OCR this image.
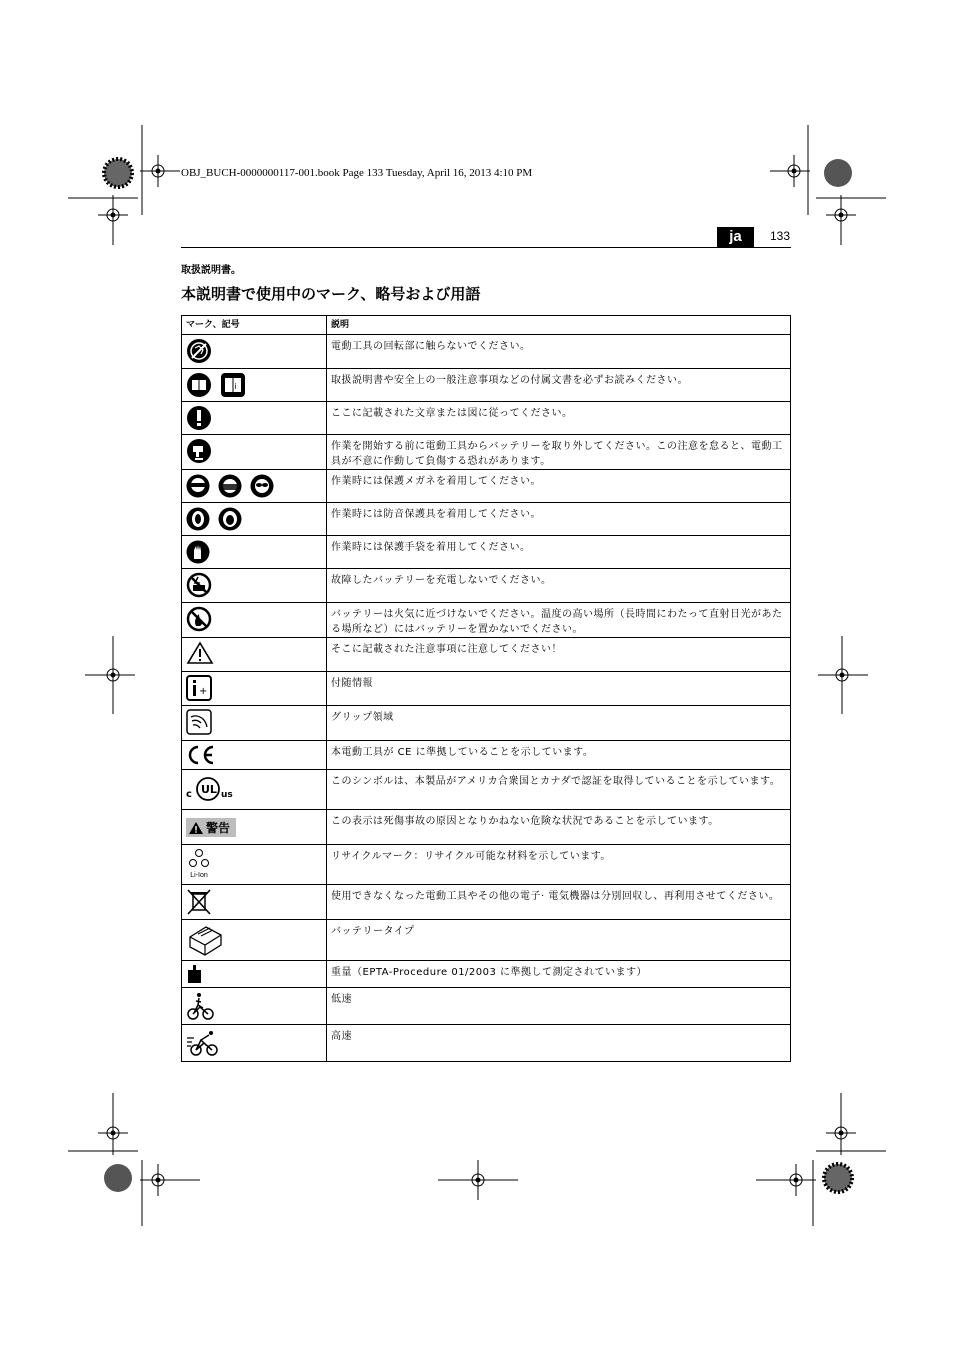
OBJ_BUCH-0000000117-001.book Page 133 Tuesday, April 16, 2013 4:10 PM
ja	133
取扱説明書。
本説明書で使用中のマーク、略号および用語
マーク、記号	説明
	電動工具の回転部に触らないでください。

i	取扱説明書や安全上の一般注意事項などの付属文書を必ずお読みください。
	ここに記載された文章または図に従ってください。
	作業を開始する前に電動工具からバッテリーを取り外してください。この注意を怠ると、電動工具が不意に作動して負傷する恐れがあります。
	作業時には保護メガネを着用してください。
	作業時には防音保護具を着用してください。
	作業時には保護手袋を着用してください。
	故障したバッテリーを充電しないでください。
	バッテリーは火気に近づけないでください。温度の高い場所（長時間にわたって直射日光があたる場所など）にはバッテリーを置かないでください。
	そこに記載された注意事項に注意してください！

+	付随情報
	グリップ領域
	本電動工具が CE に準拠していることを示しています。

c UL us	このシンボルは、本製品がアメリカ合衆国とカナダで認証を取得していることを示しています。

警告	この表示は死傷事故の原因となりかねない危険な状況であることを示しています。

Li-Ion	リサイクルマーク：リサイクル可能な材料を示しています。
	使用できなくなった電動工具やその他の電子· 電気機器は分別回収し、再利用させてください。
	バッテリータイプ
	重量（EPTA-Procedure 01/2003 に準拠して測定されています）
	低速
	高速
